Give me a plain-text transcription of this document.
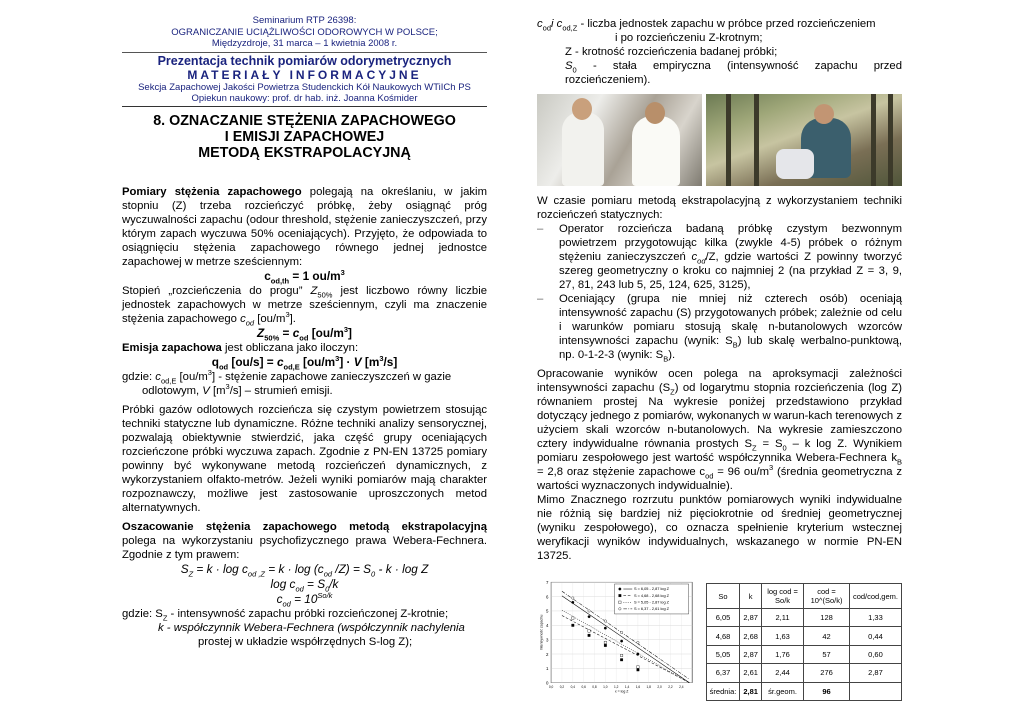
Seminarium RTP 26398:
OGRANICZANIE UCIĄŻLIWOŚCI ODOROWYCH W POLSCE;
Międzyzdroje, 31 marca – 1 kwietnia 2008 r.
Prezentacja technik pomiarów odorymetrycznych
MATERIAŁY INFORMACYJNE
Sekcja Zapachowej Jakości Powietrza Studenckich Kół Naukowych WTiICh PS
Opiekun naukowy: prof. dr hab. inż. Joanna Kośmider
8. OZNACZANIE STĘŻENIA ZAPACHOWEGO
I EMISJI ZAPACHOWEJ
METODĄ EKSTRAPOLACYJNĄ

Pomiary stężenia zapachowego polegają na określaniu, w jakim stopniu (Z) trzeba rozcieńczyć próbkę, żeby osiągnąć próg wyczuwalności zapachu (odour threshold, stężenie zanieczyszczeń, przy którym zapach wyczuwa 50% oceniających). Przyjęto, że odpowiada to osiągnięciu stężenia zapachowego równego jednej jednostce zapachowej w metrze sześciennym:

$c_{od,th} = 1$ $ou/m^3$

Stopień „rozcieńczenia do progu” $Z_{50\%}$ jest liczbowo równy liczbie jednostek zapachowych w metrze sześciennym, czyli ma znaczenie stężenia zapachowego $c_{od}$ $[ou/m^3]$.

$Z_{50\%} = c_{od}$ $[ou/m^3]$

Emisja zapachowa jest obliczana jako iloczyn:

$q_{od}$ $[ou/s] = c_{od,E}$ $[ou/m^3] \cdot V$ $[m^3/s]$

gdzie: $c_{od,E}$ $[ou/m^3]$ - stężenie zapachowe zanieczyszczeń w gazie

odlotowym, V $[m^3/s]$ – strumień emisji.

Próbki gazów odlotowych rozcieńcza się czystym powietrzem stosując techniki statyczne lub dynamiczne. Różne techniki analizy sensorycznej, pozwalają obiektywnie stwierdzić, jaka część grupy oceniających rozcieńczone próbki wyczuwa zapach. Zgodnie z PN-EN 13725 pomiary powinny być wykonywane metodą rozcieńczeń dynamicznych, z wykorzystaniem olfakto-metrów. Jeżeli wyniki pomiarów mają charakter rozpoznawczy, możliwe jest zastosowanie uproszczonych metod alternatywnych.

Oszacowanie stężenia zapachowego metodą ekstrapolacyjną polega na wykorzystaniu psychofizycznego prawa Webera-Fechnera. Zgodnie z tym prawem:

$S_Z = k \cdot \log c_{od ,Z} = k \cdot \log (c_{od}$ $/Z) = S_0 - k \cdot \log Z$
$\log c_{od} = S_0/k$
$c_{od} = 10^{So/k}$

gdzie: $S_Z$ - intensywność zapachu próbki rozcieńczonej Z-krotnie;

k - współczynnik Webera-Fechnera (współczynnik nachylenia

prostej w układzie współrzędnych S-log Z);

$c_{od}i$ $c_{od,Z}$ - liczba jednostek zapachu w próbce przed rozcieńczeniem

i po rozcieńczeniu Z-krotnym;

Z - krotność rozcieńczenia badanej próbki;

$S_0$ - stała empiryczna (intensywność zapachu przed rozcieńczeniem).

W czasie pomiaru metodą ekstrapolacyjną z wykorzystaniem techniki rozcieńczeń statycznych:

–	Operator rozcieńcza badaną próbkę czystym bezwonnym powietrzem przygotowując kilka (zwykle 4-5) próbek o różnym stężeniu zanieczyszczeń $c_{od}/Z$, gdzie wartości Z powinny tworzyć szereg geometryczny o kroku co najmniej 2 (na przykład Z = 3, 9, 27, 81, 243 lub 5, 25, 124, 625, 3125),
–	Oceniający (grupa nie mniej niż czterech osób) oceniają intensywność zapachu (S) przygotowanych próbek; zależnie od celu i warunków pomiaru stosują skalę n-butanolowych wzorców intensywności zapachu (wynik: $S_B$) lub skalę werbalno-punktową, np. 0-1-2-3 (wynik: $S_B$).

Opracowanie wyników ocen polega na aproksymacji zależności intensywności zapachu $(S_Z)$ od logarytmu stopnia rozcieńczenia (log Z) równaniem prostej Na wykresie poniżej przedstawiono przykład dotyczący jednego z pomiarów, wykonanych w warun-kach terenowych z użyciem skali wzorców n-butanolowych. Na wykresie zamieszczono cztery indywidualne równania prostych $S_Z = S_0 - k$ log Z. Wynikiem pomiaru zespołowego jest wartość współczynnika Webera-Fechnera $k_B = 2,8$ oraz stężenie zapachowe $c_{od} = 96$ $ou/m^3$ (średnia geometryczna z wartości wyznaczonych indywidualnie).

Mimo Znacznego rozrzutu punktów pomiarowych wyniki indywidualne nie różnią się bardziej niż pięciokrotnie od średniej geometrycznej (wyniku zespołowego), co oznacza spełnienie kryterium wstecznej weryfikacji wyników indywidualnych, wskazanego w normie PN-EN 13725.

0
1
2
3
4
5
6
7
0,0 0,2 0,4 0,6 0,8 1,0 1,2 1,4 1,6 1,8 2,0 2,2 2,4
x = log Z
Intensywność zapachu
S = 6,05 - 2,87 log Z
S = 4,68 - 2,68 log Z
S = 5,05 - 2,87 log Z
S = 6,37 - 2,61 log Z
So	k	log cod = So/k	cod = 10^(So/k)	cod/cod,gem.
6,05	2,87	2,11	128	1,33
4,68	2,68	1,63	42	0,44
5,05	2,87	1,76	57	0,60
6,37	2,61	2,44	276	2,87
średnia:	2,81	śr.geom.	96	
